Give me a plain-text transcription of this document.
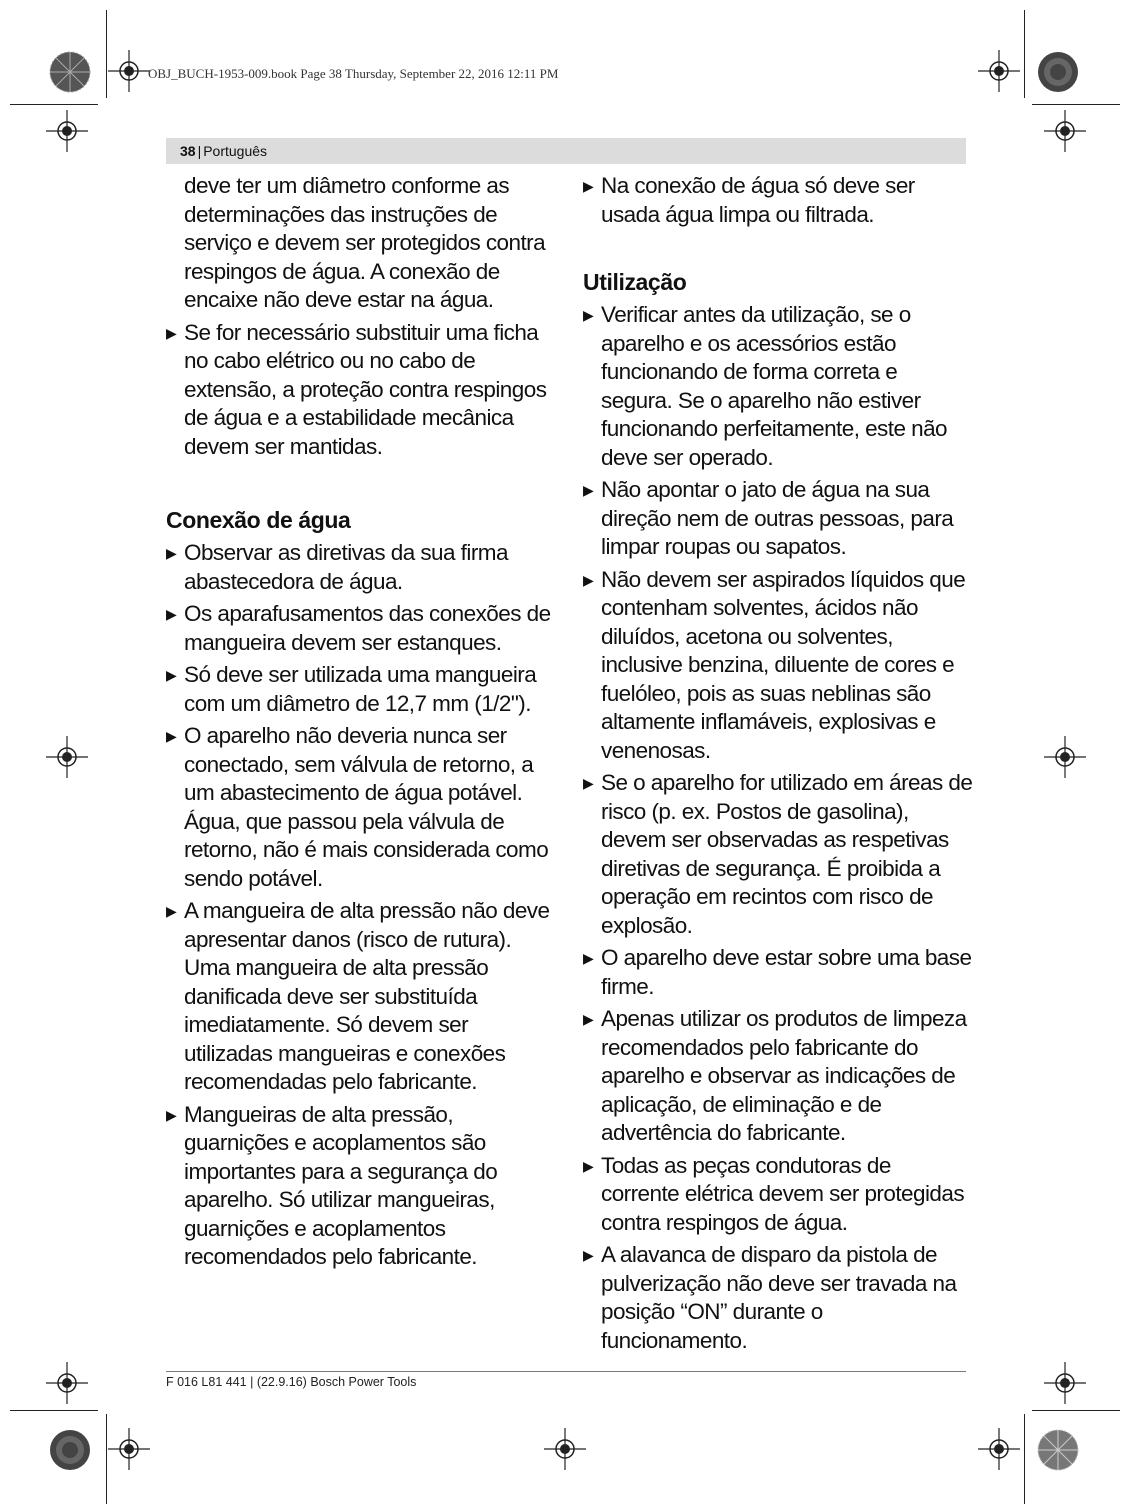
OBJ_BUCH-1953-009.book Page 38 Thursday, September 22, 2016 12:11 PM
38 | Português

deve ter um diâmetro conforme as determinações das instruções de serviço e devem ser protegidos contra respingos de água. A conexão de encaixe não deve estar na água.

▶ Se for necessário substituir uma ficha no cabo elétrico ou no cabo de extensão, a proteção contra respingos de água e a estabilidade mecânica devem ser mantidas.

Conexão de água

▶ Observar as diretivas da sua firma abastecedora de água.

▶ Os aparafusamentos das conexões de mangueira devem ser estanques.

▶ Só deve ser utilizada uma mangueira com um diâmetro de 12,7 mm (1/2").

▶ O aparelho não deveria nunca ser conectado, sem válvula de retorno, a um abastecimento de água potável. Água, que passou pela válvula de retorno, não é mais considerada como sendo potável.

▶ A mangueira de alta pressão não deve apresentar danos (risco de rutura). Uma mangueira de alta pressão danificada deve ser substituída imediatamente. Só devem ser utilizadas mangueiras e conexões recomendadas pelo fabricante.

▶ Mangueiras de alta pressão, guarnições e acoplamentos são importantes para a segurança do aparelho. Só utilizar mangueiras, guarnições e acoplamentos recomendados pelo fabricante.

▶ Na conexão de água só deve ser usada água limpa ou filtrada.

Utilização

▶ Verificar antes da utilização, se o aparelho e os acessórios estão funcionando de forma correta e segura. Se o aparelho não estiver funcionando perfeitamente, este não deve ser operado.

▶ Não apontar o jato de água na sua direção nem de outras pessoas, para limpar roupas ou sapatos.

▶ Não devem ser aspirados líquidos que contenham solventes, ácidos não diluídos, acetona ou solventes, inclusive benzina, diluente de cores e fuelóleo, pois as suas neblinas são altamente inflamáveis, explosivas e venenosas.

▶ Se o aparelho for utilizado em áreas de risco (p. ex. Postos de gasolina), devem ser observadas as respetivas diretivas de segurança. É proibida a operação em recintos com risco de explosão.

▶ O aparelho deve estar sobre uma base firme.

▶ Apenas utilizar os produtos de limpeza recomendados pelo fabricante do aparelho e observar as indicações de aplicação, de eliminação e de advertência do fabricante.

▶ Todas as peças condutoras de corrente elétrica devem ser protegidas contra respingos de água.

▶ A alavanca de disparo da pistola de pulverização não deve ser travada na posição “ON” durante o funcionamento.

F 016 L81 441 | (22.9.16) Bosch Power Tools
